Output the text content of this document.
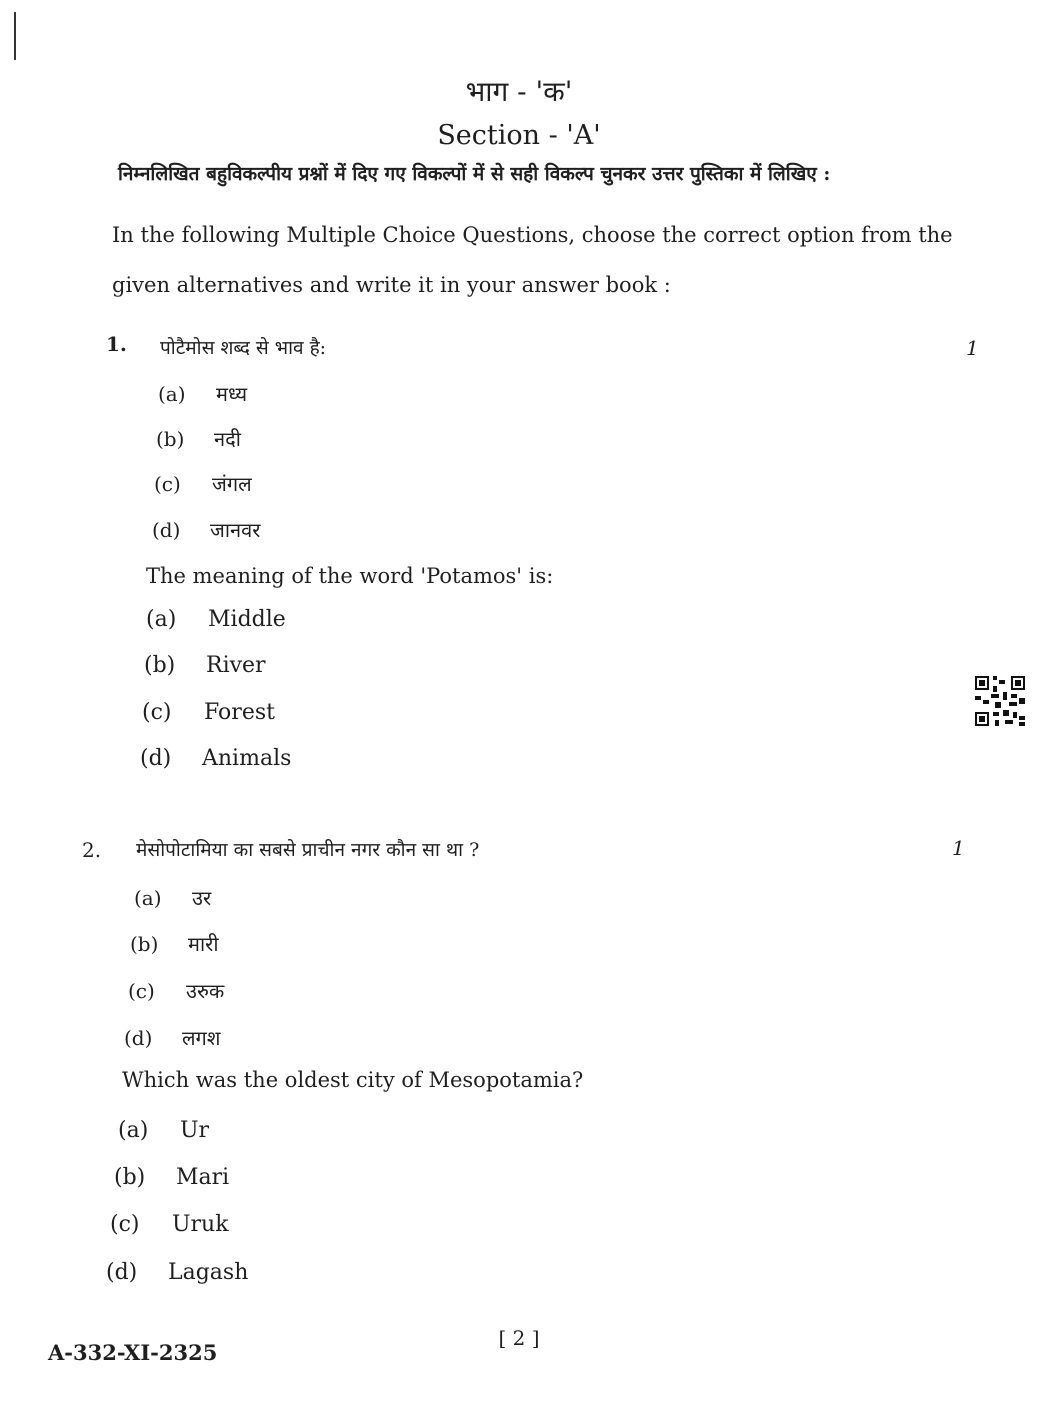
भाग - 'क'
Section - 'A'
निम्नलिखित बहुविकल्पीय प्रश्नों में दिए गए विकल्पों में से सही विकल्प चुनकर उत्तर पुस्तिका में लिखिए :
In the following Multiple Choice Questions, choose the correct option from the given alternatives and write it in your answer book :
1. पोटैमोस शब्द से भाव है:	1
(a) मध्य
(b) नदी
(c) जंगल
(d) जानवर
The meaning of the word 'Potamos' is:
(a) Middle
(b) River
(c) Forest
(d) Animals
2. मेसोपोटामिया का सबसे प्राचीन नगर कौन सा था ?	1
(a) उर
(b) मारी
(c) उरुक
(d) लगश
Which was the oldest city of Mesopotamia?
(a) Ur
(b) Mari
(c) Uruk
(d) Lagash
[ 2 ]
A-332-XI-2325
